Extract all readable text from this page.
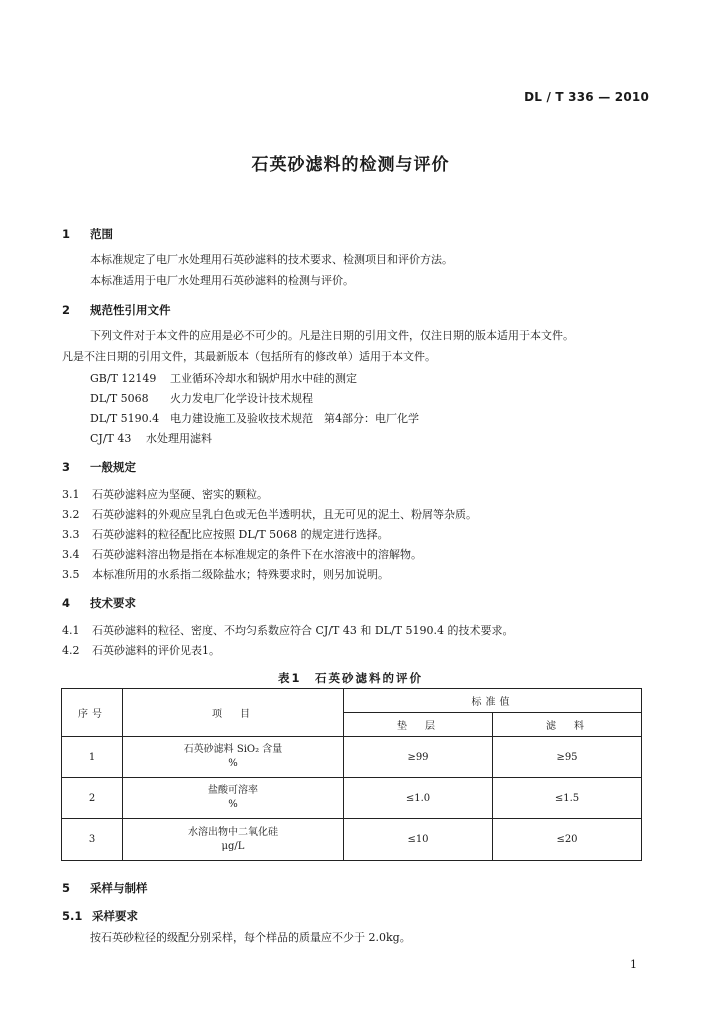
DL / T 336 — 2010
石英砂滤料的检测与评价
1 范围
本标准规定了电厂水处理用石英砂滤料的技术要求、检测项目和评价方法。
本标准适用于电厂水处理用石英砂滤料的检测与评价。
2 规范性引用文件
下列文件对于本文件的应用是必不可少的。凡是注日期的引用文件，仅注日期的版本适用于本文件。
凡是不注日期的引用文件，其最新版本（包括所有的修改单）适用于本文件。
GB/T 12149 工业循环冷却水和锅炉用水中硅的测定
DL/T 5068 火力发电厂化学设计技术规程
DL/T 5190.4 电力建设施工及验收技术规范　第4部分：电厂化学
CJ/T 43 水处理用滤料
3 一般规定
3.1 石英砂滤料应为坚硬、密实的颗粒。
3.2 石英砂滤料的外观应呈乳白色或无色半透明状，且无可见的泥土、粉屑等杂质。
3.3 石英砂滤料的粒径配比应按照 DL/T 5068 的规定进行选择。
3.4 石英砂滤料溶出物是指在本标准规定的条件下在水溶液中的溶解物。
3.5 本标准所用的水系指二级除盐水；特殊要求时，则另加说明。
4 技术要求
4.1 石英砂滤料的粒径、密度、不均匀系数应符合 CJ/T 43 和 DL/T 5190.4 的技术要求。
4.2 石英砂滤料的评价见表1。
表1　石英砂滤料的评价
序号	项　目	标准值	
		垫　层	滤　料
1	石英砂滤料 SiO₂ 含量
%	≥99	≥95
2	盐酸可溶率
%	≤1.0	≤1.5
3	水溶出物中二氧化硅
μg/L	≤10	≤20
5 采样与制样
5.1 采样要求
按石英砂粒径的级配分别采样，每个样品的质量应不少于 2.0kg。
1
